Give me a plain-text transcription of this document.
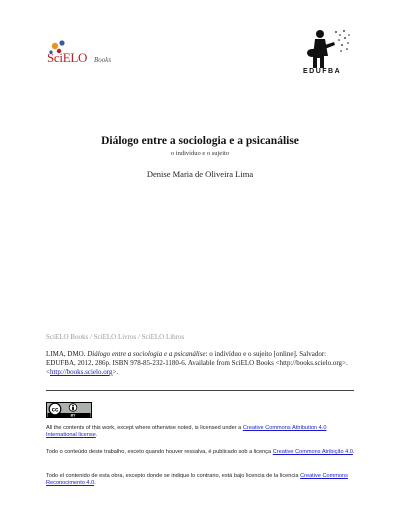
SciELO Books
EDUFBA
Diálogo entre a sociologia e a psicanálise
o indivíduo e o sujeito
Denise Maria de Oliveira Lima
SciELO Books / SciELO Livros / SciELO Libros
LIMA, DMO. Diálogo entre a sociologia e a psicanálise: o indivíduo e o sujeito [online]. Salvador: EDUFBA, 2012, 286p. ISBN 978-85-232-1180-6. Available from SciELO Books <http://books.scielo.org>. <http://books.scielo.org>.
cc
BY
All the contents of this work, except where otherwise noted, is licensed under a Creative Commons Attribution 4.0 International license.
Todo o conteúdo deste trabalho, exceto quando houver ressalva, é publicado sob a licença Creative Commons Atribição 4.0.
Todo el contenido de esta obra, excepto donde se indique lo contrario, está bajo licencia de la licencia Creative Commons Reconocimento 4.0.
